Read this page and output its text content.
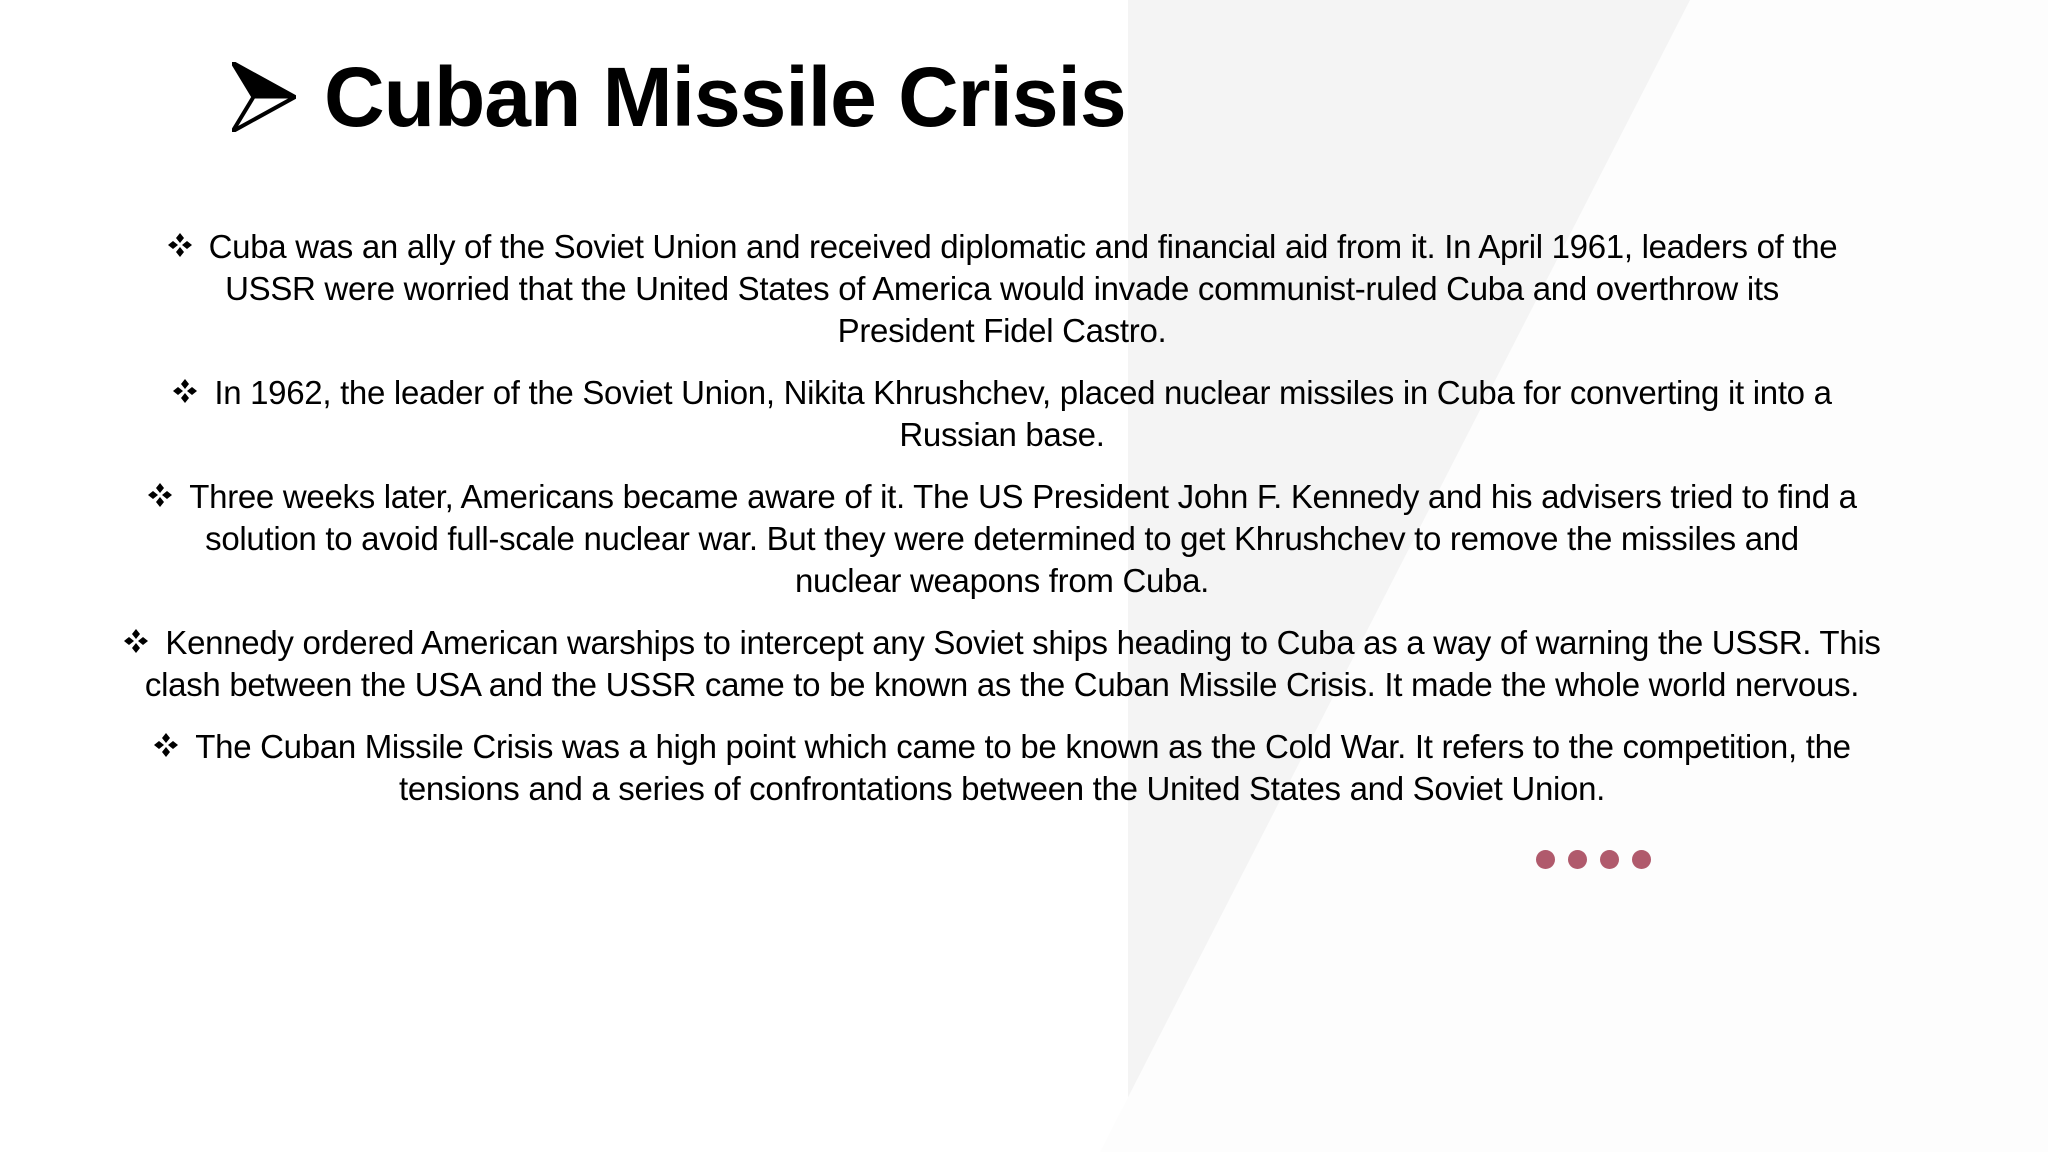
Cuban Missile Crisis
Cuba was an ally of the Soviet Union and received diplomatic and financial aid from it. In April 1961, leaders of the
USSR were worried that the United States of America would invade communist-ruled Cuba and overthrow its
President Fidel Castro.
In 1962, the leader of the Soviet Union, Nikita Khrushchev, placed nuclear missiles in Cuba for converting it into a
Russian base.
Three weeks later, Americans became aware of it. The US President John F. Kennedy and his advisers tried to find a
solution to avoid full-scale nuclear war. But they were determined to get Khrushchev to remove the missiles and
nuclear weapons from Cuba.
Kennedy ordered American warships to intercept any Soviet ships heading to Cuba as a way of warning the USSR. This
clash between the USA and the USSR came to be known as the Cuban Missile Crisis. It made the whole world nervous.
The Cuban Missile Crisis was a high point which came to be known as the Cold War. It refers to the competition, the
tensions and a series of confrontations between the United States and Soviet Union.
